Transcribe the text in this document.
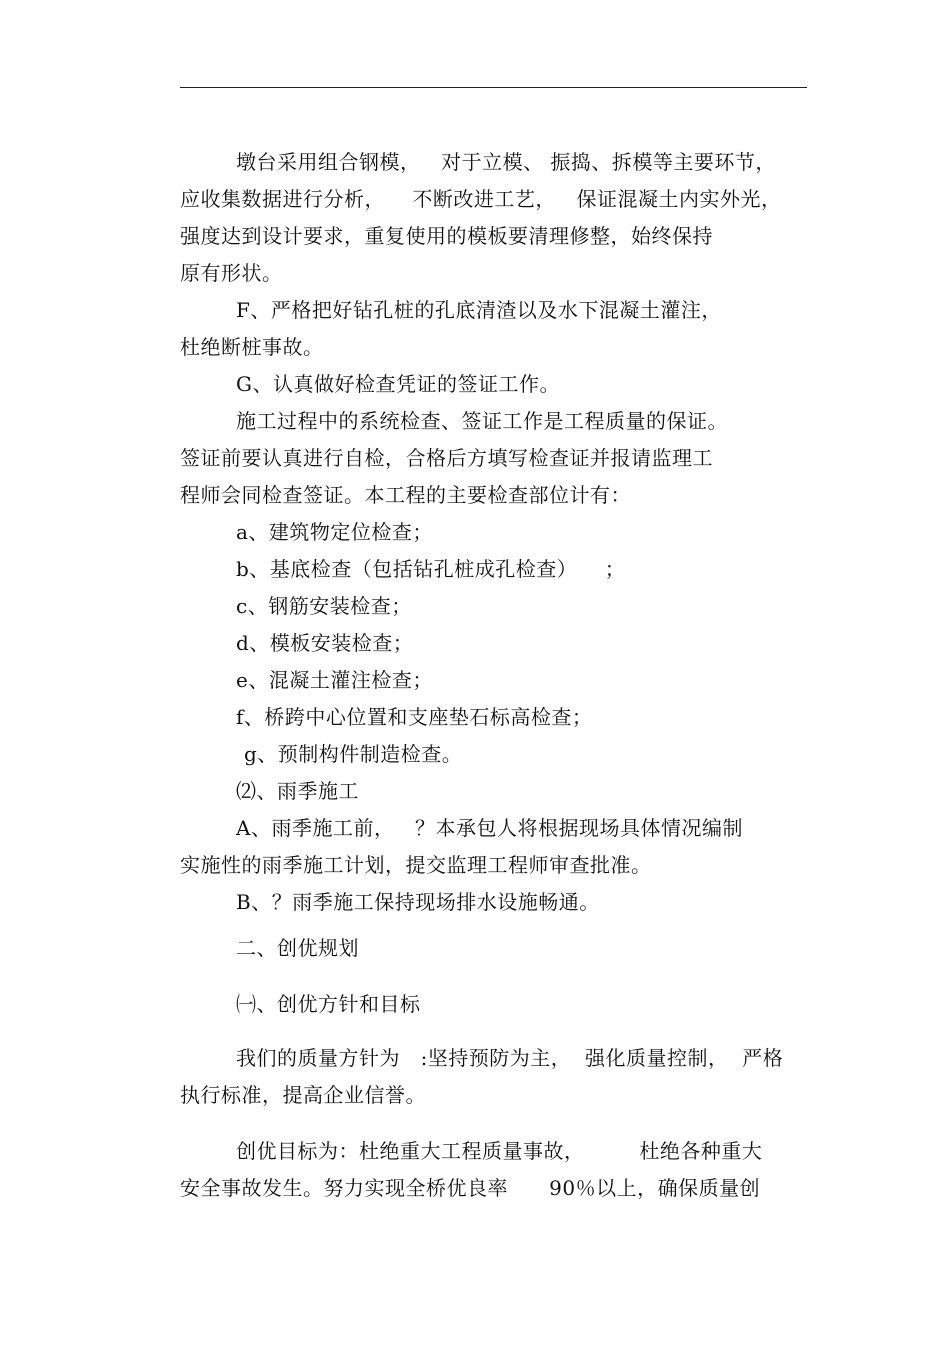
墩台采用组合钢模，   对于立模、 振捣、拆模等主要环节，
应收集数据进行分析，    不断改进工艺，   保证混凝土内实外光，
强度达到设计要求，重复使用的模板要清理修整，始终保持
原有形状。
F、严格把好钻孔桩的孔底清渣以及水下混凝土灌注，
杜绝断桩事故。
G、认真做好检查凭证的签证工作。
施工过程中的系统检查、签证工作是工程质量的保证。
签证前要认真进行自检，合格后方填写检查证并报请监理工
程师会同检查签证。本工程的主要检查部位计有：
a、建筑物定位检查；
b、基底检查（包括钻孔桩成孔检查）    ；
c、钢筋安装检查；
d、模板安装检查；
e、混凝土灌注检查；
f、桥跨中心位置和支座垫石标高检查；
g、预制构件制造检查。
⑵、雨季施工
A、雨季施工前，   ？本承包人将根据现场具体情况编制
实施性的雨季施工计划，提交监理工程师审查批准。
B、？雨季施工保持现场排水设施畅通。
二、创优规划
㈠、创优方针和目标
我们的质量方针为   :坚持预防为主，  强化质量控制，  严格
执行标准，提高企业信誉。
创优目标为：杜绝重大工程质量事故，        杜绝各种重大
安全事故发生。努力实现全桥优良率      90％以上，确保质量创
